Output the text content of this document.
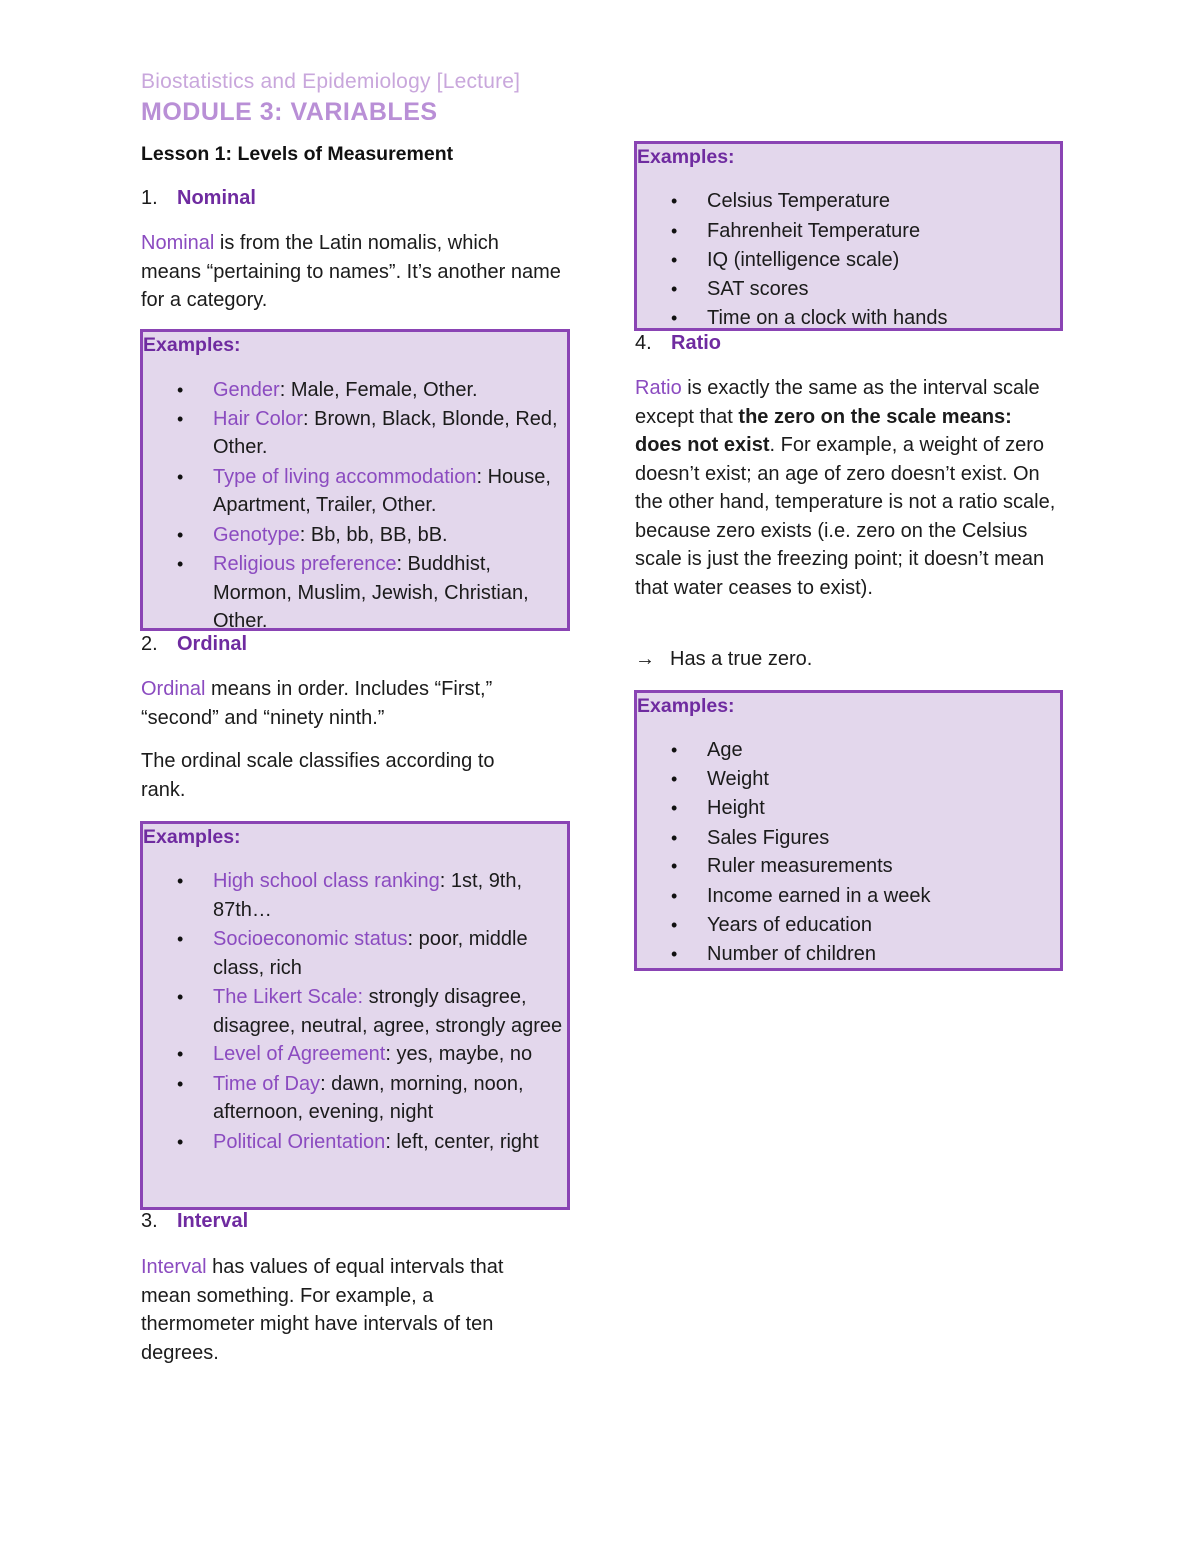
Biostatistics and Epidemiology [Lecture]
MODULE 3: VARIABLES
Lesson 1: Levels of Measurement
1. Nominal
Nominal is from the Latin nomalis, which means “pertaining to names”. It’s another name for a category.
Examples:
• Gender: Male, Female, Other.
• Hair Color: Brown, Black, Blonde, Red, Other.
• Type of living accommodation: House, Apartment, Trailer, Other.
• Genotype: Bb, bb, BB, bB.
• Religious preference: Buddhist, Mormon, Muslim, Jewish, Christian, Other.
2. Ordinal
Ordinal means in order. Includes “First,” “second” and “ninety ninth.”
The ordinal scale classifies according to rank.
Examples:
• High school class ranking: 1st, 9th, 87th…
• Socioeconomic status: poor, middle class, rich
• The Likert Scale: strongly disagree, disagree, neutral, agree, strongly agree
• Level of Agreement: yes, maybe, no
• Time of Day: dawn, morning, noon, afternoon, evening, night
• Political Orientation: left, center, right
3. Interval
Interval has values of equal intervals that mean something. For example, a thermometer might have intervals of ten degrees.
Examples:
• Celsius Temperature
• Fahrenheit Temperature
• IQ (intelligence scale)
• SAT scores
• Time on a clock with hands
4. Ratio
Ratio is exactly the same as the interval scale except that the zero on the scale means: does not exist. For example, a weight of zero doesn’t exist; an age of zero doesn’t exist. On the other hand, temperature is not a ratio scale, because zero exists (i.e. zero on the Celsius scale is just the freezing point; it doesn’t mean that water ceases to exist).
→ Has a true zero.
Examples:
• Age
• Weight
• Height
• Sales Figures
• Ruler measurements
• Income earned in a week
• Years of education
• Number of children
